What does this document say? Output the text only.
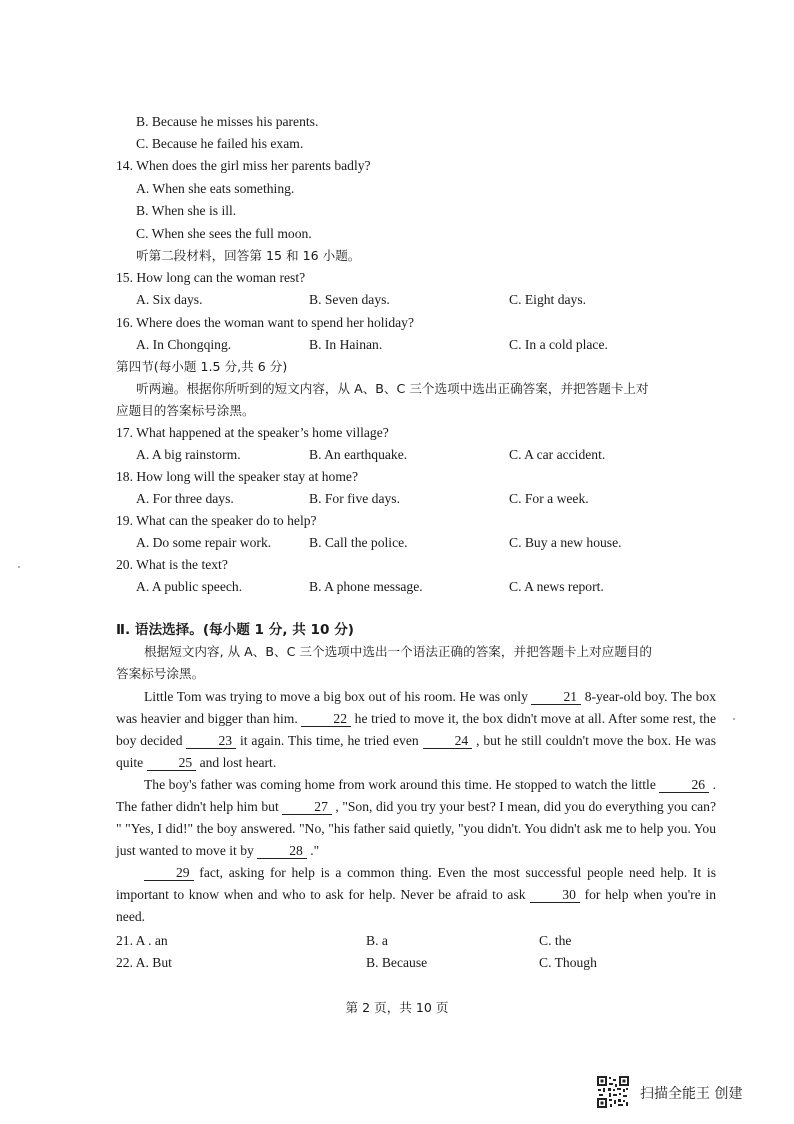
B. Because he misses his parents.
C. Because he failed his exam.
14. When does the girl miss her parents badly?
A. When she eats something.
B. When she is ill.
C. When she sees the full moon.
听第二段材料，回答第 15 和 16 小题。
15. How long can the woman rest?
A. Six days.	B. Seven days.	C. Eight days.
16. Where does the woman want to spend her holiday?
A. In Chongqing.	B. In Hainan.	C. In a cold place.
第四节(每小题 1.5 分,共 6 分)
听两遍。根据你所听到的短文内容，从 A、B、C 三个选项中选出正确答案，并把答题卡上对
应题目的答案标号涂黑。
17. What happened at the speaker’s home village?
A. A big rainstorm.	B. An earthquake.	C. A car accident.
18. How long will the speaker stay at home?
A. For three days.	B. For five days.	C. For a week.
19. What can the speaker do to help?
A. Do some repair work.	B. Call the police.	C. Buy a new house.
20. What is the text?
A. A public speech.	B. A phone message.	C. A news report.
Ⅱ. 语法选择。(每小题 1 分, 共 10 分)
根据短文内容, 从 A、B、C 三个选项中选出一个语法正确的答案，并把答题卡上对应题目的
答案标号涂黑。
Little Tom was trying to move a big box out of his room. He was only	21 8-year-old boy. The box was heavier and bigger than him.	22 he tried to move it, the box didn't move at all. After some rest, the boy decided	23 it again. This time, he tried even	24 , but he still couldn't move the box. He was quite	25 and lost heart.
The boy's father was coming home from work around this time. He stopped to watch the little	26 . The father didn't help him but	27 , "Son, did you try your best? I mean, did you do everything you can? " "Yes, I did!" the boy answered. "No, "his father said quietly, "you didn't. You didn't ask me to help you. You just wanted to move it by	28 ."
29 fact, asking for help is a common thing. Even the most successful people need help. It is important to know when and who to ask for help. Never be afraid to ask	30 for help when you're in need.
21. A . an	B. a	C. the
22. A. But	B. Because	C. Though
第 2 页，共 10 页
扫描全能王 创建
